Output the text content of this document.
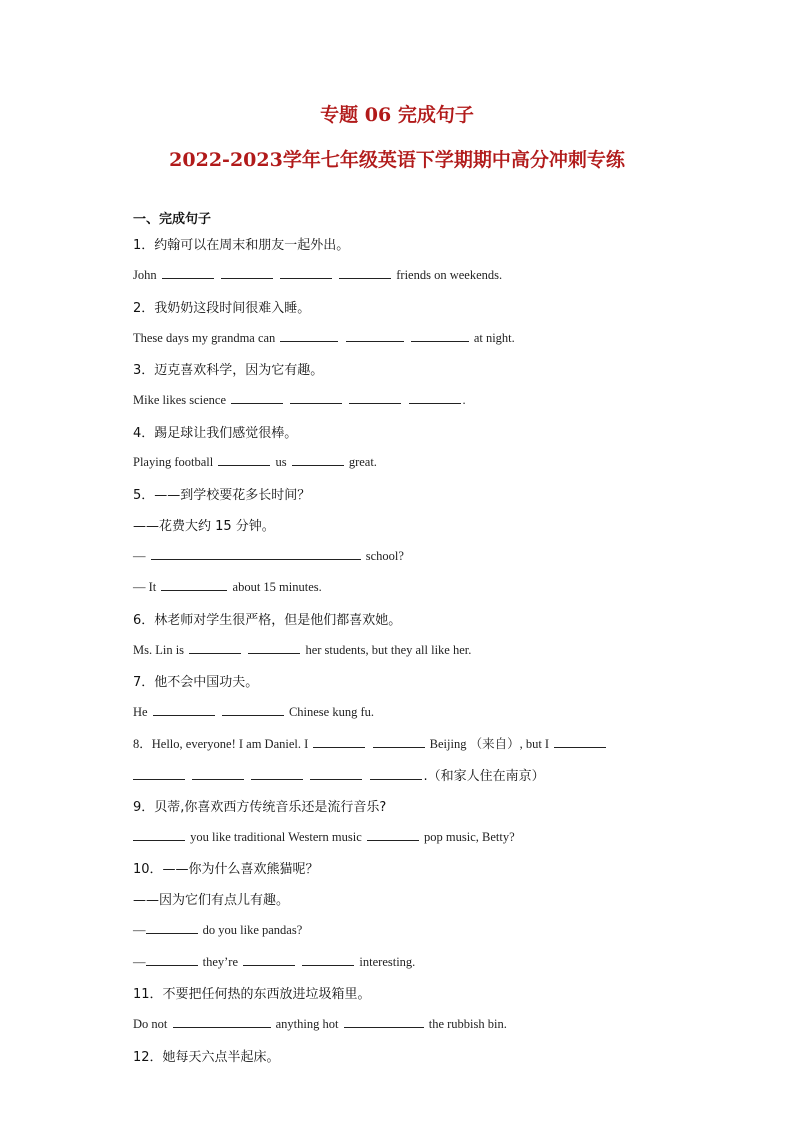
专题 06 完成句子
2022-2023学年七年级英语下学期期中高分冲刺专练
一、完成句子
1．约翰可以在周末和朋友一起外出。
John	friends on weekends.
2．我奶奶这段时间很难入睡。
These days my grandma can	at night.
3．迈克喜欢科学，因为它有趣。
Mike likes science	.
4．踢足球让我们感觉很棒。
Playing football	us	great.
5．——到学校要花多长时间？
——花费大约 15 分钟。
—	school?
— It	about 15 minutes.
6．林老师对学生很严格，但是他们都喜欢她。
Ms. Lin is	her students, but they all like her.
7．他不会中国功夫。
He	Chinese kung fu.
8．Hello, everyone! I am Daniel. I	Beijing （来自）, but I
.（和家人住在南京）
9．贝蒂,你喜欢西方传统音乐还是流行音乐?
you like traditional Western music	pop music, Betty?
10．——你为什么喜欢熊猫呢？
——因为它们有点儿有趣。
—	do you like pandas?
—	they’re	interesting.
11．不要把任何热的东西放进垃圾箱里。
Do not	anything hot	the rubbish bin.
12．她每天六点半起床。
